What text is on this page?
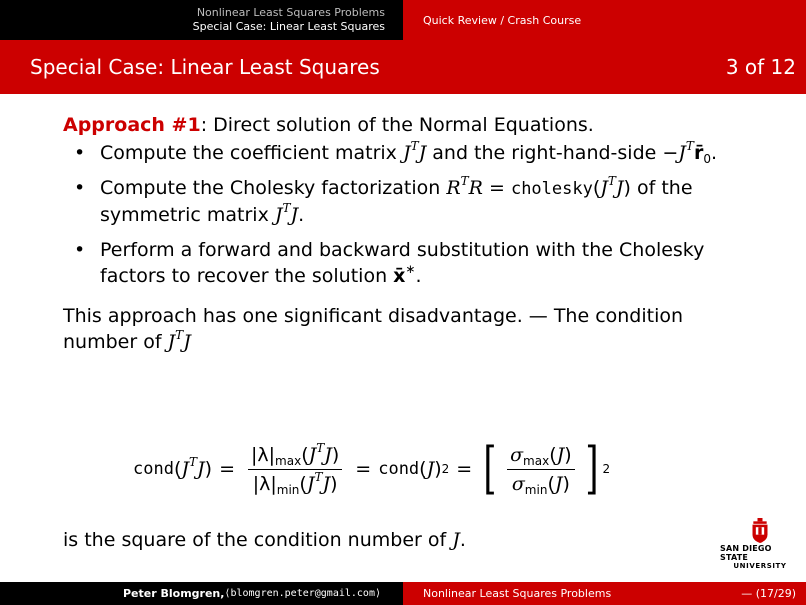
Nonlinear Least Squares Problems
Special Case: Linear Least Squares	Quick Review / Crash Course
Special Case: Linear Least Squares	3 of 12
Approach #1: Direct solution of the Normal Equations.
• Compute the coefficient matrix $J^TJ$ and the right-hand-side $-J^Tr̄_0$.
• Compute the Cholesky factorization $R^TR$ = $cholesky(J^TJ)$ of the symmetric matrix $J^TJ$.
• Perform a forward and backward substitution with the Cholesky factors to recover the solution x̄∗.
This approach has one significant disadvantage. — The condition number of $J^TJ$
cond ( $J^TJ$ ) = $\frac{|\lambda|_{max}(J^TJ)}{|\lambda|_{min}(J^TJ)}$ = cond ( J ) 2 = [ $\frac{\sigma_{max}(J)}{\sigma_{min}(J)}$ ] 2
is the square of the condition number of J.	SAN DIEGO STATE
UNIVERSITY
Peter Blomgren, ⟨blomgren.peter@gmail.com⟩	Nonlinear Least Squares Problems	— (17/29)
